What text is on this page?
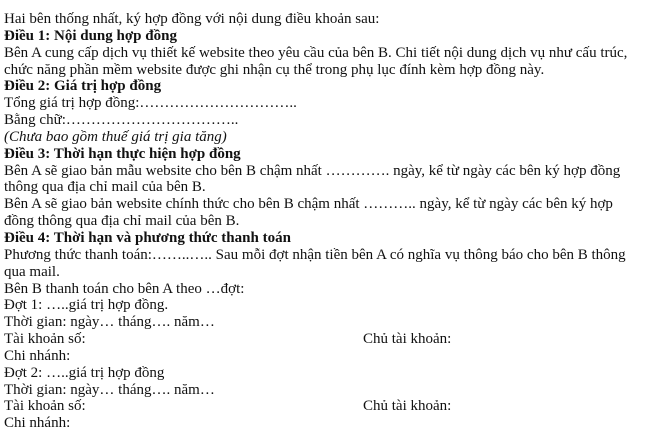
Hai bên thống nhất, ký hợp đồng với nội dung điều khoản sau:
Điều 1: Nội dung hợp đồng
Bên A cung cấp dịch vụ thiết kế website theo yêu cầu của bên B. Chi tiết nội dung dịch vụ như cấu trúc,
chức năng phần mềm website được ghi nhận cụ thể trong phụ lục đính kèm hợp đồng này.
Điều 2: Giá trị hợp đồng
Tổng giá trị hợp đồng:…………………………..
Bằng chữ:……………………………..
(Chưa bao gồm thuế giá trị gia tăng)
Điều 3: Thời hạn thực hiện hợp đồng
Bên A sẽ giao bản mẫu website cho bên B chậm nhất …………. ngày, kể từ ngày các bên ký hợp đồng
thông qua địa chỉ mail của bên B.
Bên A sẽ giao bản website chính thức cho bên B chậm nhất ……….. ngày, kể từ ngày các bên ký hợp
đồng thông qua địa chỉ mail của bên B.
Điều 4: Thời hạn và phương thức thanh toán
Phương thức thanh toán:……..….. Sau mỗi đợt nhận tiền bên A có nghĩa vụ thông báo cho bên B thông
qua mail.
Bên B thanh toán cho bên A theo …đợt:
Đợt 1: …..giá trị hợp đồng.
Thời gian: ngày… tháng…. năm…
Tài khoản số:	Chủ tài khoản:
Chi nhánh:
Đợt 2: …..giá trị hợp đồng
Thời gian: ngày… tháng…. năm…
Tài khoản số:	Chủ tài khoản:
Chi nhánh:
